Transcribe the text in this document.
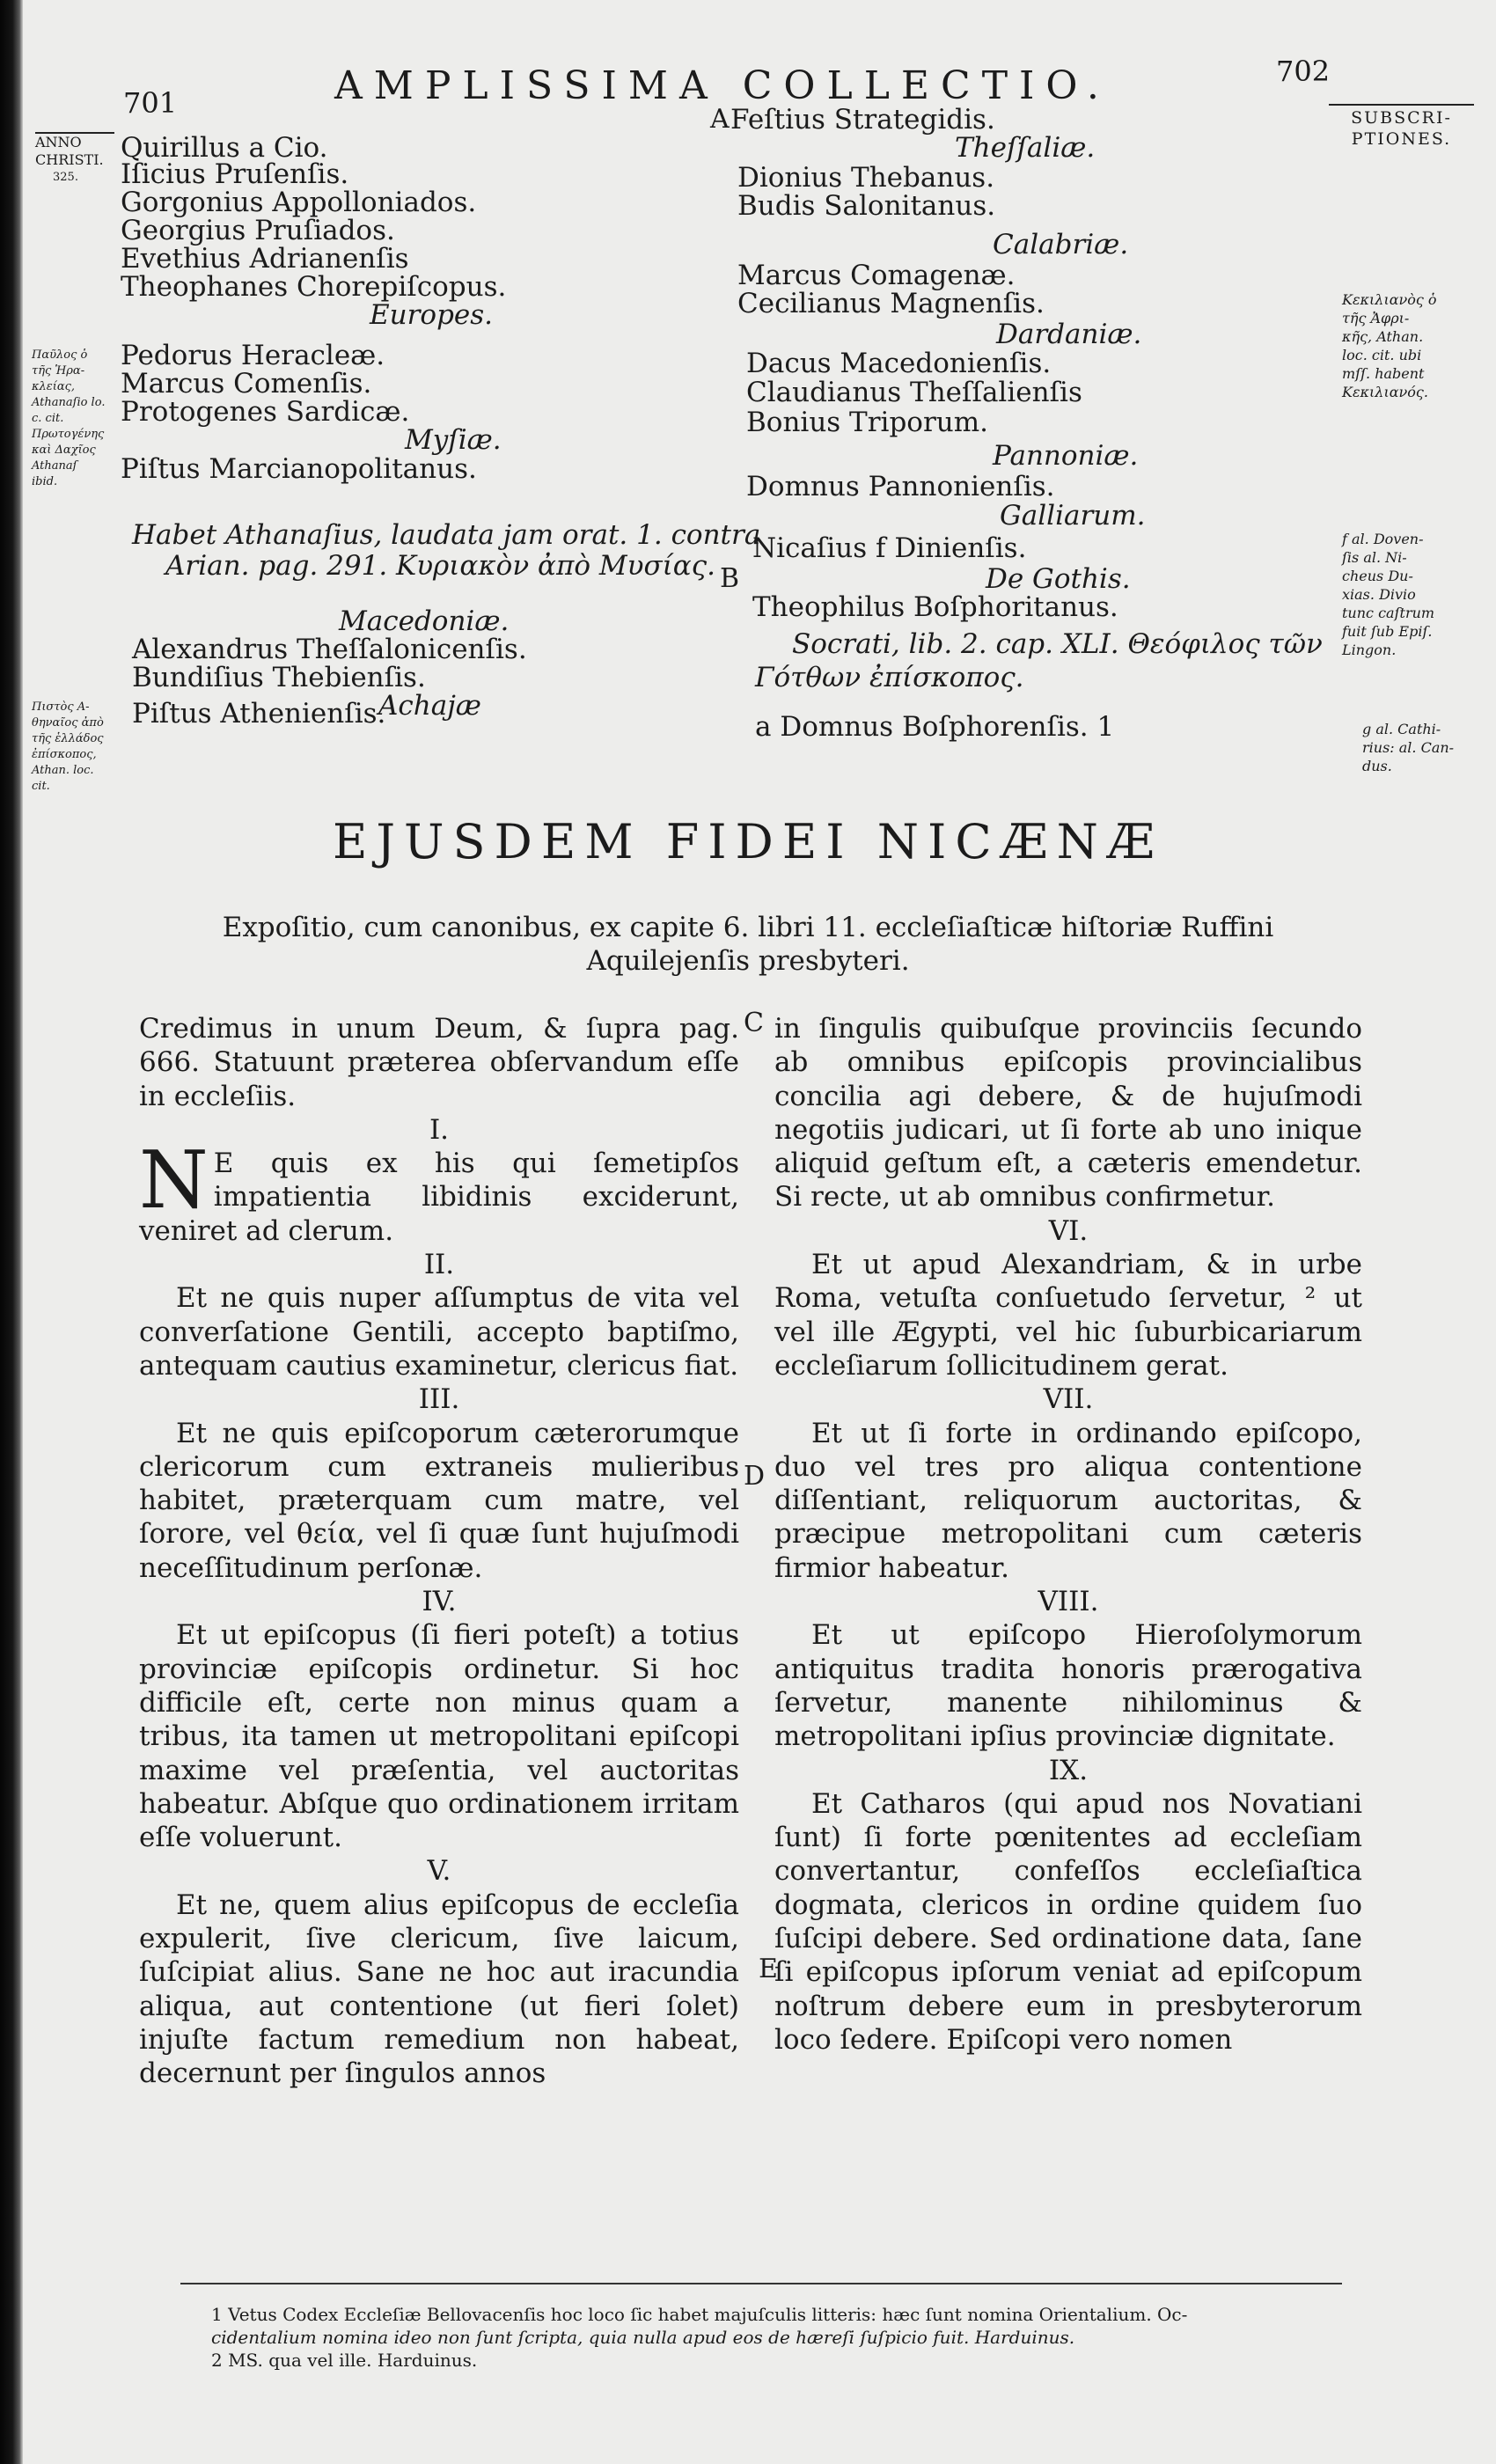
701	AMPLISSIMA COLLECTIO.	702
SUBSCRI-
PTIONES.
ANNO
CHRISTI.
325.
Quirillus a Cio.
Iſicius Pruſenſis.
Gorgonius Appolloniados.
Georgius Pruſiados.
Evethius Adrianenſis
Theophanes Chorepiſcopus.
Europes.
Pedorus Heracleæ.
Marcus Comenſis.
Protogenes Sardicæ.
Myſiæ.
Piſtus Marcianopolitanus.
Habet Athanaſius, laudata jam orat. 1. contra
Arian. pag. 291. Κυριακὸν ἀπὸ Μυσίας.
Macedoniæ.
Alexandrus Theſſalonicenſis.
Bundiſius Thebienſis.
Achajæ
Piſtus Athenienſis.
A Feſtius Strategidis.
Theſſaliæ.
Dionius Thebanus.
Budis Salonitanus.
Calabriæ.
Marcus Comagenæ.
Cecilianus Magnenſis.
Dardaniæ.
Dacus Macedonienſis.
Claudianus Theſſalienſis
Bonius Triporum.
Pannoniæ.
Domnus Pannonienſis.
Galliarum.
Nicaſius f Dinienſis.
B	De Gothis.
Theophilus Boſphoritanus.
Socrati, lib. 2. cap. XLI. Θεόφιλος τῶν
Γότθων ἐπίσκοπος.
a Domnus Boſphorenſis. 1
Παῦλος ὁ
τῆς Ἡρα-
κλείας,
Athanaſio lo.
c. cit.
Πρωτογένης
καὶ Δαχῖος
Athanaſ
ibid.
Πιστὸς A-
θηναῖος ἀπὸ
τῆς ἑλλάδος
ἐπίσκοπος,
Athan. loc.
cit.
Κεκιλιανὸς ὁ
τῆς Ἀφρι-
κῆς, Athan.
loc. cit. ubi
mſſ. habent
Κεκιλιανός.
f al. Doven-
ſis al. Ni-
cheus Du-
xias. Divio
tunc caſtrum
fuit ſub Epiſ.
Lingon.
g al. Cathi-
rius: al. Can-
dus.
EJUSDEM FIDEI NICÆNÆ
Expoſitio, cum canonibus, ex capite 6. libri 11. eccleſiaſticæ hiſtoriæ Ruffini
Aquilejenſis presbyteri.

Credimus in unum Deum, & ſupra pag. 666. Statuunt præterea obſervandum eſſe in eccleſiis.

I.

N E quis ex his qui ſemetipſos impatientia libidinis exciderunt, veniret ad clerum.

II.

Et ne quis nuper aſſumptus de vita vel converſatione Gentili, accepto baptiſmo, antequam cautius examinetur, clericus fiat.

III.

Et ne quis epiſcoporum cæterorumque clericorum cum extraneis mulieribus habitet, præterquam cum matre, vel ſorore, vel θεία, vel ſi quæ ſunt hujuſmodi neceſſitudinum perſonæ.

IV.

Et ut epiſcopus (ſi fieri poteſt) a totius provinciæ epiſcopis ordinetur. Si hoc difficile eſt, certe non minus quam a tribus, ita tamen ut metropolitani epiſcopi maxime vel præſentia, vel auctoritas habeatur. Abſque quo ordinationem irritam eſſe voluerunt.

V.

Et ne, quem alius epiſcopus de eccleſia expulerit, ſive clericum, ſive laicum, ſuſcipiat alius. Sane ne hoc aut iracundia aliqua, aut contentione (ut fieri ſolet) injuſte factum remedium non habeat, decernunt per ſingulos annos

C
D
E

in ſingulis quibuſque provinciis ſecundo ab omnibus epiſcopis provincialibus concilia agi debere, & de hujuſmodi negotiis judicari, ut ſi forte ab uno inique aliquid geſtum eſt, a cæteris emendetur. Si recte, ut ab omnibus confirmetur.

VI.

Et ut apud Alexandriam, & in urbe Roma, vetuſta conſuetudo ſervetur, ² ut vel ille Ægypti, vel hic ſuburbicariarum eccleſiarum ſollicitudinem gerat.

VII.

Et ut ſi forte in ordinando epiſcopo, duo vel tres pro aliqua contentione diſſentiant, reliquorum auctoritas, & præcipue metropolitani cum cæteris firmior habeatur.

VIII.

Et ut epiſcopo Hieroſolymorum antiquitus tradita honoris prærogativa ſervetur, manente nihilominus & metropolitani ipſius provinciæ dignitate.

IX.

Et Catharos (qui apud nos Novatiani ſunt) ſi forte pœnitentes ad eccleſiam convertantur, confeſſos eccleſiaſtica dogmata, clericos in ordine quidem ſuo ſuſcipi debere. Sed ordinatione data, ſane ſi epiſcopus ipſorum veniat ad epiſcopum noſtrum debere eum in presbyterorum loco ſedere. Epiſcopi vero nomen

1 Vetus Codex Eccleſiæ Bellovacenſis hoc loco ſic habet majuſculis litteris: hæc ſunt nomina Orientalium. Oc-
cidentalium nomina ideo non ſunt ſcripta, quia nulla apud eos de hæreſi ſuſpicio fuit. Harduinus.
2 MS. qua vel ille. Harduinus.
